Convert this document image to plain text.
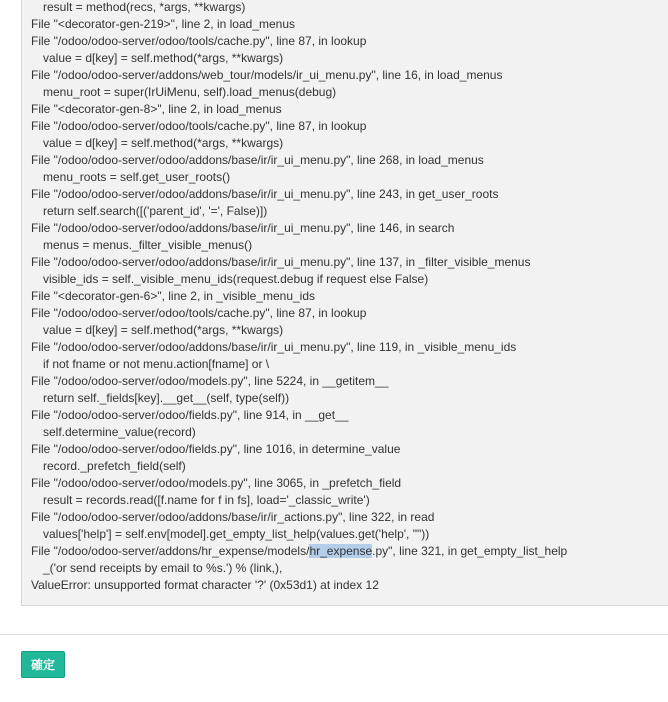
result = method(recs, *args, **kwargs)
File "<decorator-gen-219>", line 2, in load_menus
File "/odoo/odoo-server/odoo/tools/cache.py", line 87, in lookup
value = d[key] = self.method(*args, **kwargs)
File "/odoo/odoo-server/addons/web_tour/models/ir_ui_menu.py", line 16, in load_menus
menu_root = super(IrUiMenu, self).load_menus(debug)
File "<decorator-gen-8>", line 2, in load_menus
File "/odoo/odoo-server/odoo/tools/cache.py", line 87, in lookup
value = d[key] = self.method(*args, **kwargs)
File "/odoo/odoo-server/odoo/addons/base/ir/ir_ui_menu.py", line 268, in load_menus
menu_roots = self.get_user_roots()
File "/odoo/odoo-server/odoo/addons/base/ir/ir_ui_menu.py", line 243, in get_user_roots
return self.search([('parent_id', '=', False)])
File "/odoo/odoo-server/odoo/addons/base/ir/ir_ui_menu.py", line 146, in search
menus = menus._filter_visible_menus()
File "/odoo/odoo-server/odoo/addons/base/ir/ir_ui_menu.py", line 137, in _filter_visible_menus
visible_ids = self._visible_menu_ids(request.debug if request else False)
File "<decorator-gen-6>", line 2, in _visible_menu_ids
File "/odoo/odoo-server/odoo/tools/cache.py", line 87, in lookup
value = d[key] = self.method(*args, **kwargs)
File "/odoo/odoo-server/odoo/addons/base/ir/ir_ui_menu.py", line 119, in _visible_menu_ids
if not fname or not menu.action[fname] or \
File "/odoo/odoo-server/odoo/models.py", line 5224, in __getitem__
return self._fields[key].__get__(self, type(self))
File "/odoo/odoo-server/odoo/fields.py", line 914, in __get__
self.determine_value(record)
File "/odoo/odoo-server/odoo/fields.py", line 1016, in determine_value
record._prefetch_field(self)
File "/odoo/odoo-server/odoo/models.py", line 3065, in _prefetch_field
result = records.read([f.name for f in fs], load='_classic_write')
File "/odoo/odoo-server/odoo/addons/base/ir/ir_actions.py", line 322, in read
values['help'] = self.env[model].get_empty_list_help(values.get('help', ""))
File "/odoo/odoo-server/addons/hr_expense/models/hr_expense.py", line 321, in get_empty_list_help
_('or send receipts by email to %s.') % (link,),
ValueError: unsupported format character '?' (0x53d1) at index 12
確定
